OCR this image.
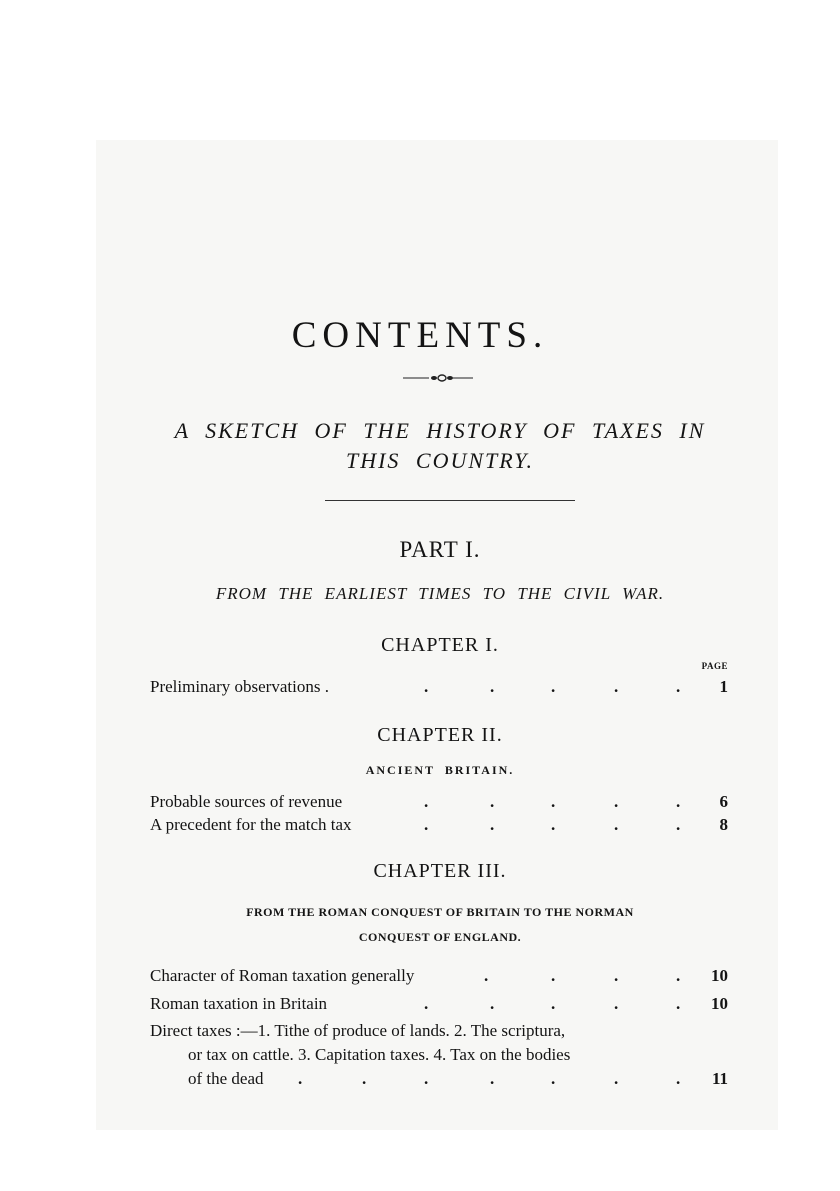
CONTENTS.
A SKETCH OF THE HISTORY OF TAXES IN
THIS COUNTRY.
PART I.
FROM THE EARLIEST TIMES TO THE CIVIL WAR.
CHAPTER I.
PAGE
Preliminary observations .	.	.	.	.	.	1
CHAPTER II.
ANCIENT BRITAIN.
Probable sources of revenue	.	.	.	.	.	6
A precedent for the match tax	.	.	.	.	.	8
CHAPTER III.
FROM THE ROMAN CONQUEST OF BRITAIN TO THE NORMAN
CONQUEST OF ENGLAND.
Character of Roman taxation generally	.	.	.	.	10
Roman taxation in Britain	.	.	.	.	.	10
Direct taxes :—1. Tithe of produce of lands. 2. The scriptura,
or tax on cattle. 3. Capitation taxes. 4. Tax on the bodies
of the dead .	.	.	.	.	.	.	11
